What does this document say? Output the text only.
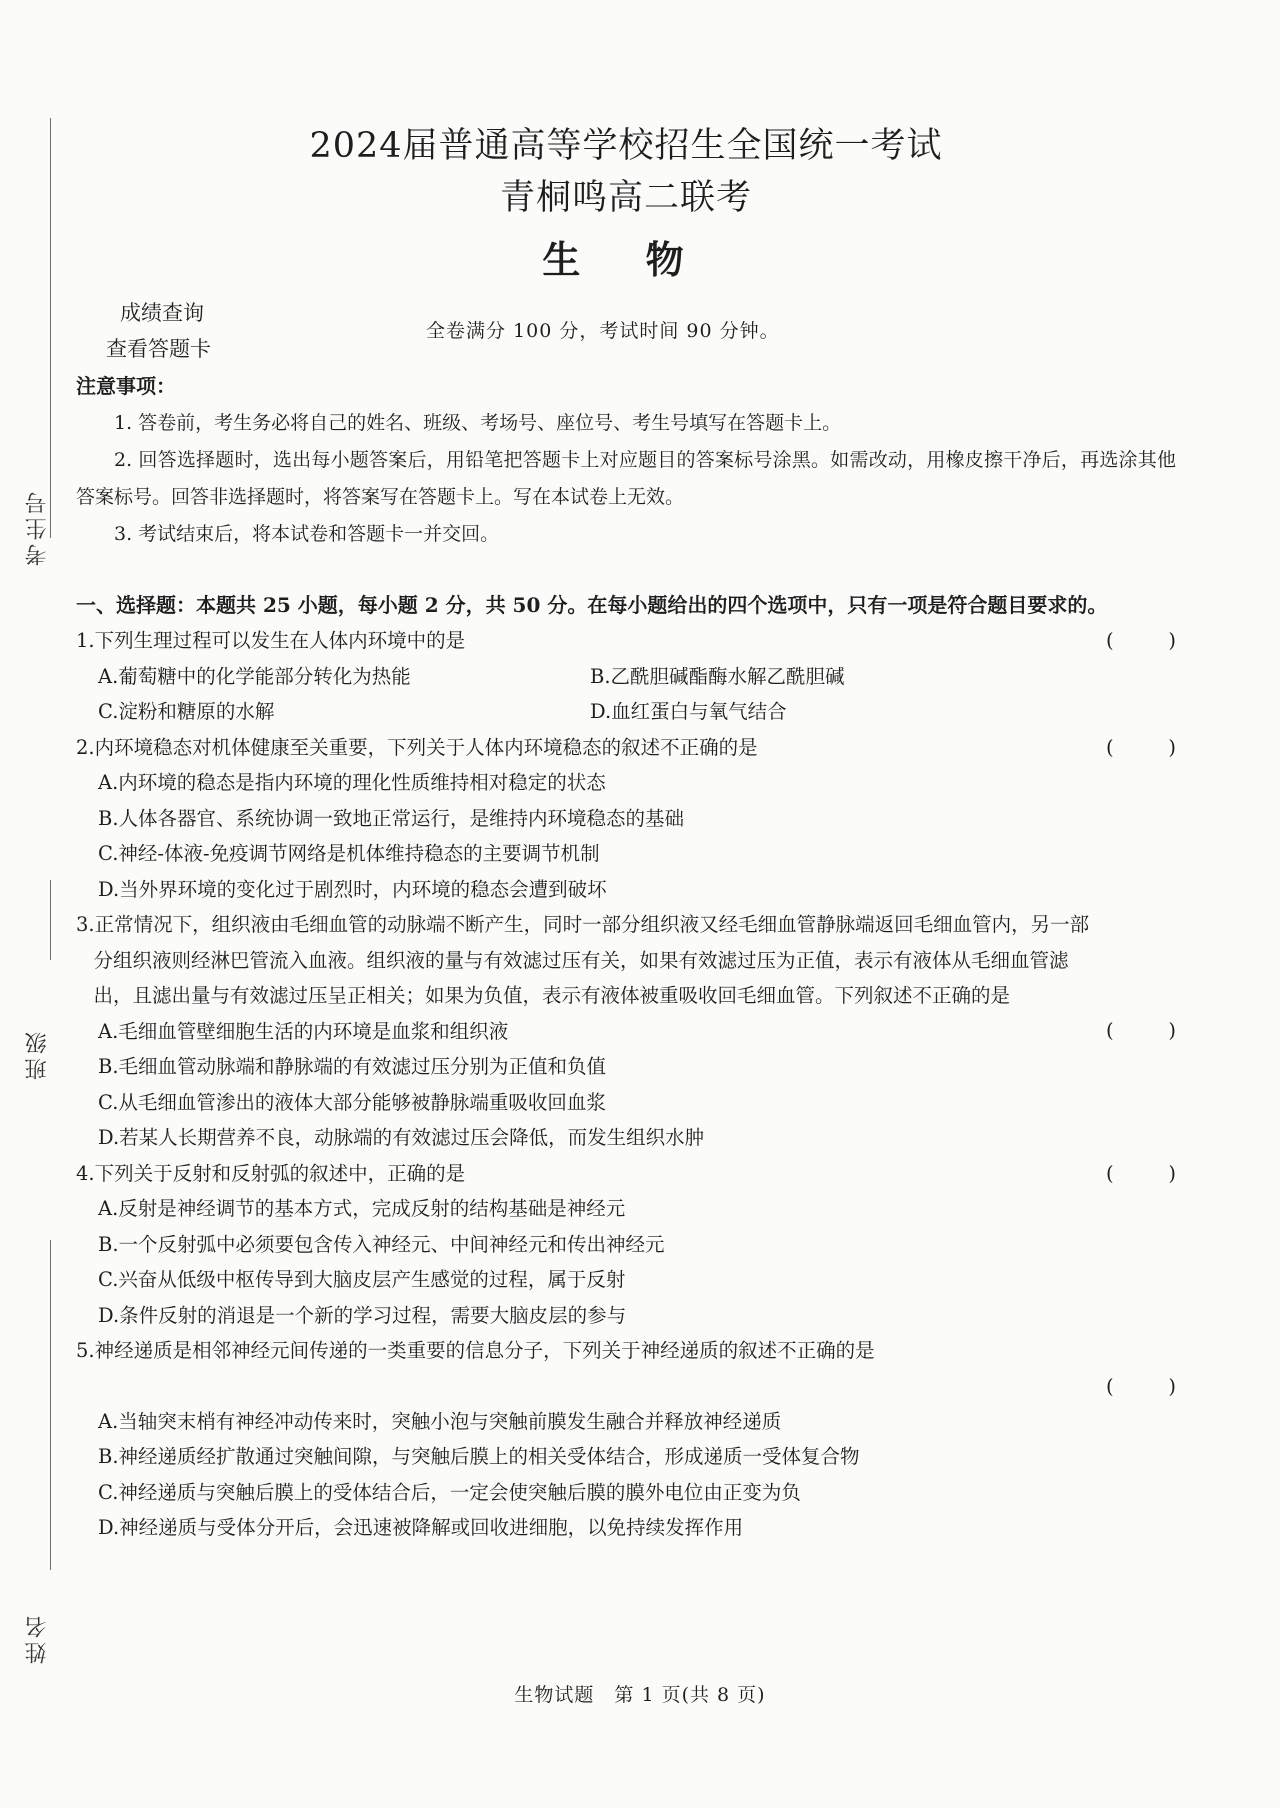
考生号
班级
姓名
2024届普通高等学校招生全国统一考试
青桐鸣高二联考
生 物
成绩查询
查看答题卡
全卷满分 100 分，考试时间 90 分钟。
注意事项：
1. 答卷前，考生务必将自己的姓名、班级、考场号、座位号、考生号填写在答题卡上。
2. 回答选择题时，选出每小题答案后，用铅笔把答题卡上对应题目的答案标号涂黑。如需改动，用橡皮擦干净后，再选涂其他答案标号。回答非选择题时，将答案写在答题卡上。写在本试卷上无效。
3. 考试结束后，将本试卷和答题卡一并交回。
一、选择题：本题共 25 小题，每小题 2 分，共 50 分。在每小题给出的四个选项中，只有一项是符合题目要求的。
1.下列生理过程可以发生在人体内环境中的是	(	)
A.葡萄糖中的化学能部分转化为热能	B.乙酰胆碱酯酶水解乙酰胆碱
C.淀粉和糖原的水解	D.血红蛋白与氧气结合
2.内环境稳态对机体健康至关重要，下列关于人体内环境稳态的叙述不正确的是	(	)
A.内环境的稳态是指内环境的理化性质维持相对稳定的状态
B.人体各器官、系统协调一致地正常运行，是维持内环境稳态的基础
C.神经-体液-免疫调节网络是机体维持稳态的主要调节机制
D.当外界环境的变化过于剧烈时，内环境的稳态会遭到破坏
3.正常情况下，组织液由毛细血管的动脉端不断产生，同时一部分组织液又经毛细血管静脉端返回毛细血管内，另一部分组织液则经淋巴管流入血液。组织液的量与有效滤过压有关，如果有效滤过压为正值，表示有液体从毛细血管滤出，且滤出量与有效滤过压呈正相关；如果为负值，表示有液体被重吸收回毛细血管。下列叙述不正确的是
(	)
A.毛细血管壁细胞生活的内环境是血浆和组织液
B.毛细血管动脉端和静脉端的有效滤过压分别为正值和负值
C.从毛细血管渗出的液体大部分能够被静脉端重吸收回血浆
D.若某人长期营养不良，动脉端的有效滤过压会降低，而发生组织水肿
4.下列关于反射和反射弧的叙述中，正确的是	(	)
A.反射是神经调节的基本方式，完成反射的结构基础是神经元
B.一个反射弧中必须要包含传入神经元、中间神经元和传出神经元
C.兴奋从低级中枢传导到大脑皮层产生感觉的过程，属于反射
D.条件反射的消退是一个新的学习过程，需要大脑皮层的参与
5.神经递质是相邻神经元间传递的一类重要的信息分子，下列关于神经递质的叙述不正确的是
(	)
A.当轴突末梢有神经冲动传来时，突触小泡与突触前膜发生融合并释放神经递质
B.神经递质经扩散通过突触间隙，与突触后膜上的相关受体结合，形成递质一受体复合物
C.神经递质与突触后膜上的受体结合后，一定会使突触后膜的膜外电位由正变为负
D.神经递质与受体分开后，会迅速被降解或回收进细胞，以免持续发挥作用
生物试题　第 1 页(共 8 页)
